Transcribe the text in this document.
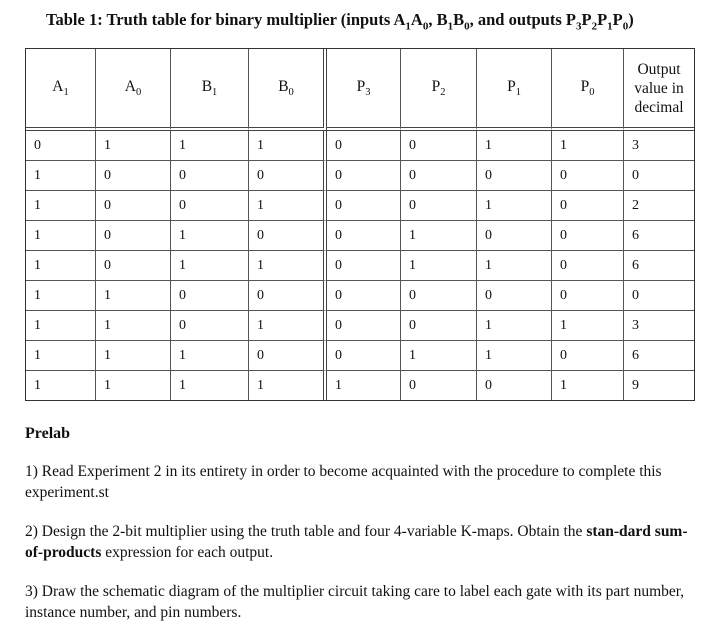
Table 1: Truth table for binary multiplier (inputs $A_1A_0$, $B_1B_0$, and outputs $P_3P_2P_1P_0$)
$A_1$	$A_0$	$B_1$	$B_0$	$P_3$	$P_2$	$P_1$	$P_0$	Output
value in
decimal
0	1	1	1	0	0	1	1	3
1	0	0	0	0	0	0	0	0
1	0	0	1	0	0	1	0	2
1	0	1	0	0	1	0	0	6
1	0	1	1	0	1	1	0	6
1	1	0	0	0	0	0	0	0
1	1	0	1	0	0	1	1	3
1	1	1	0	0	1	1	0	6
1	1	1	1	1	0	0	1	9
Prelab
1) Read Experiment 2 in its entirety in order to become acquainted with the procedure to complete this experiment.st
2) Design the 2-bit multiplier using the truth table and four 4-variable K-maps. Obtain the stan-dard sum-of-products expression for each output.
3) Draw the schematic diagram of the multiplier circuit taking care to label each gate with its part number, instance number, and pin numbers.
